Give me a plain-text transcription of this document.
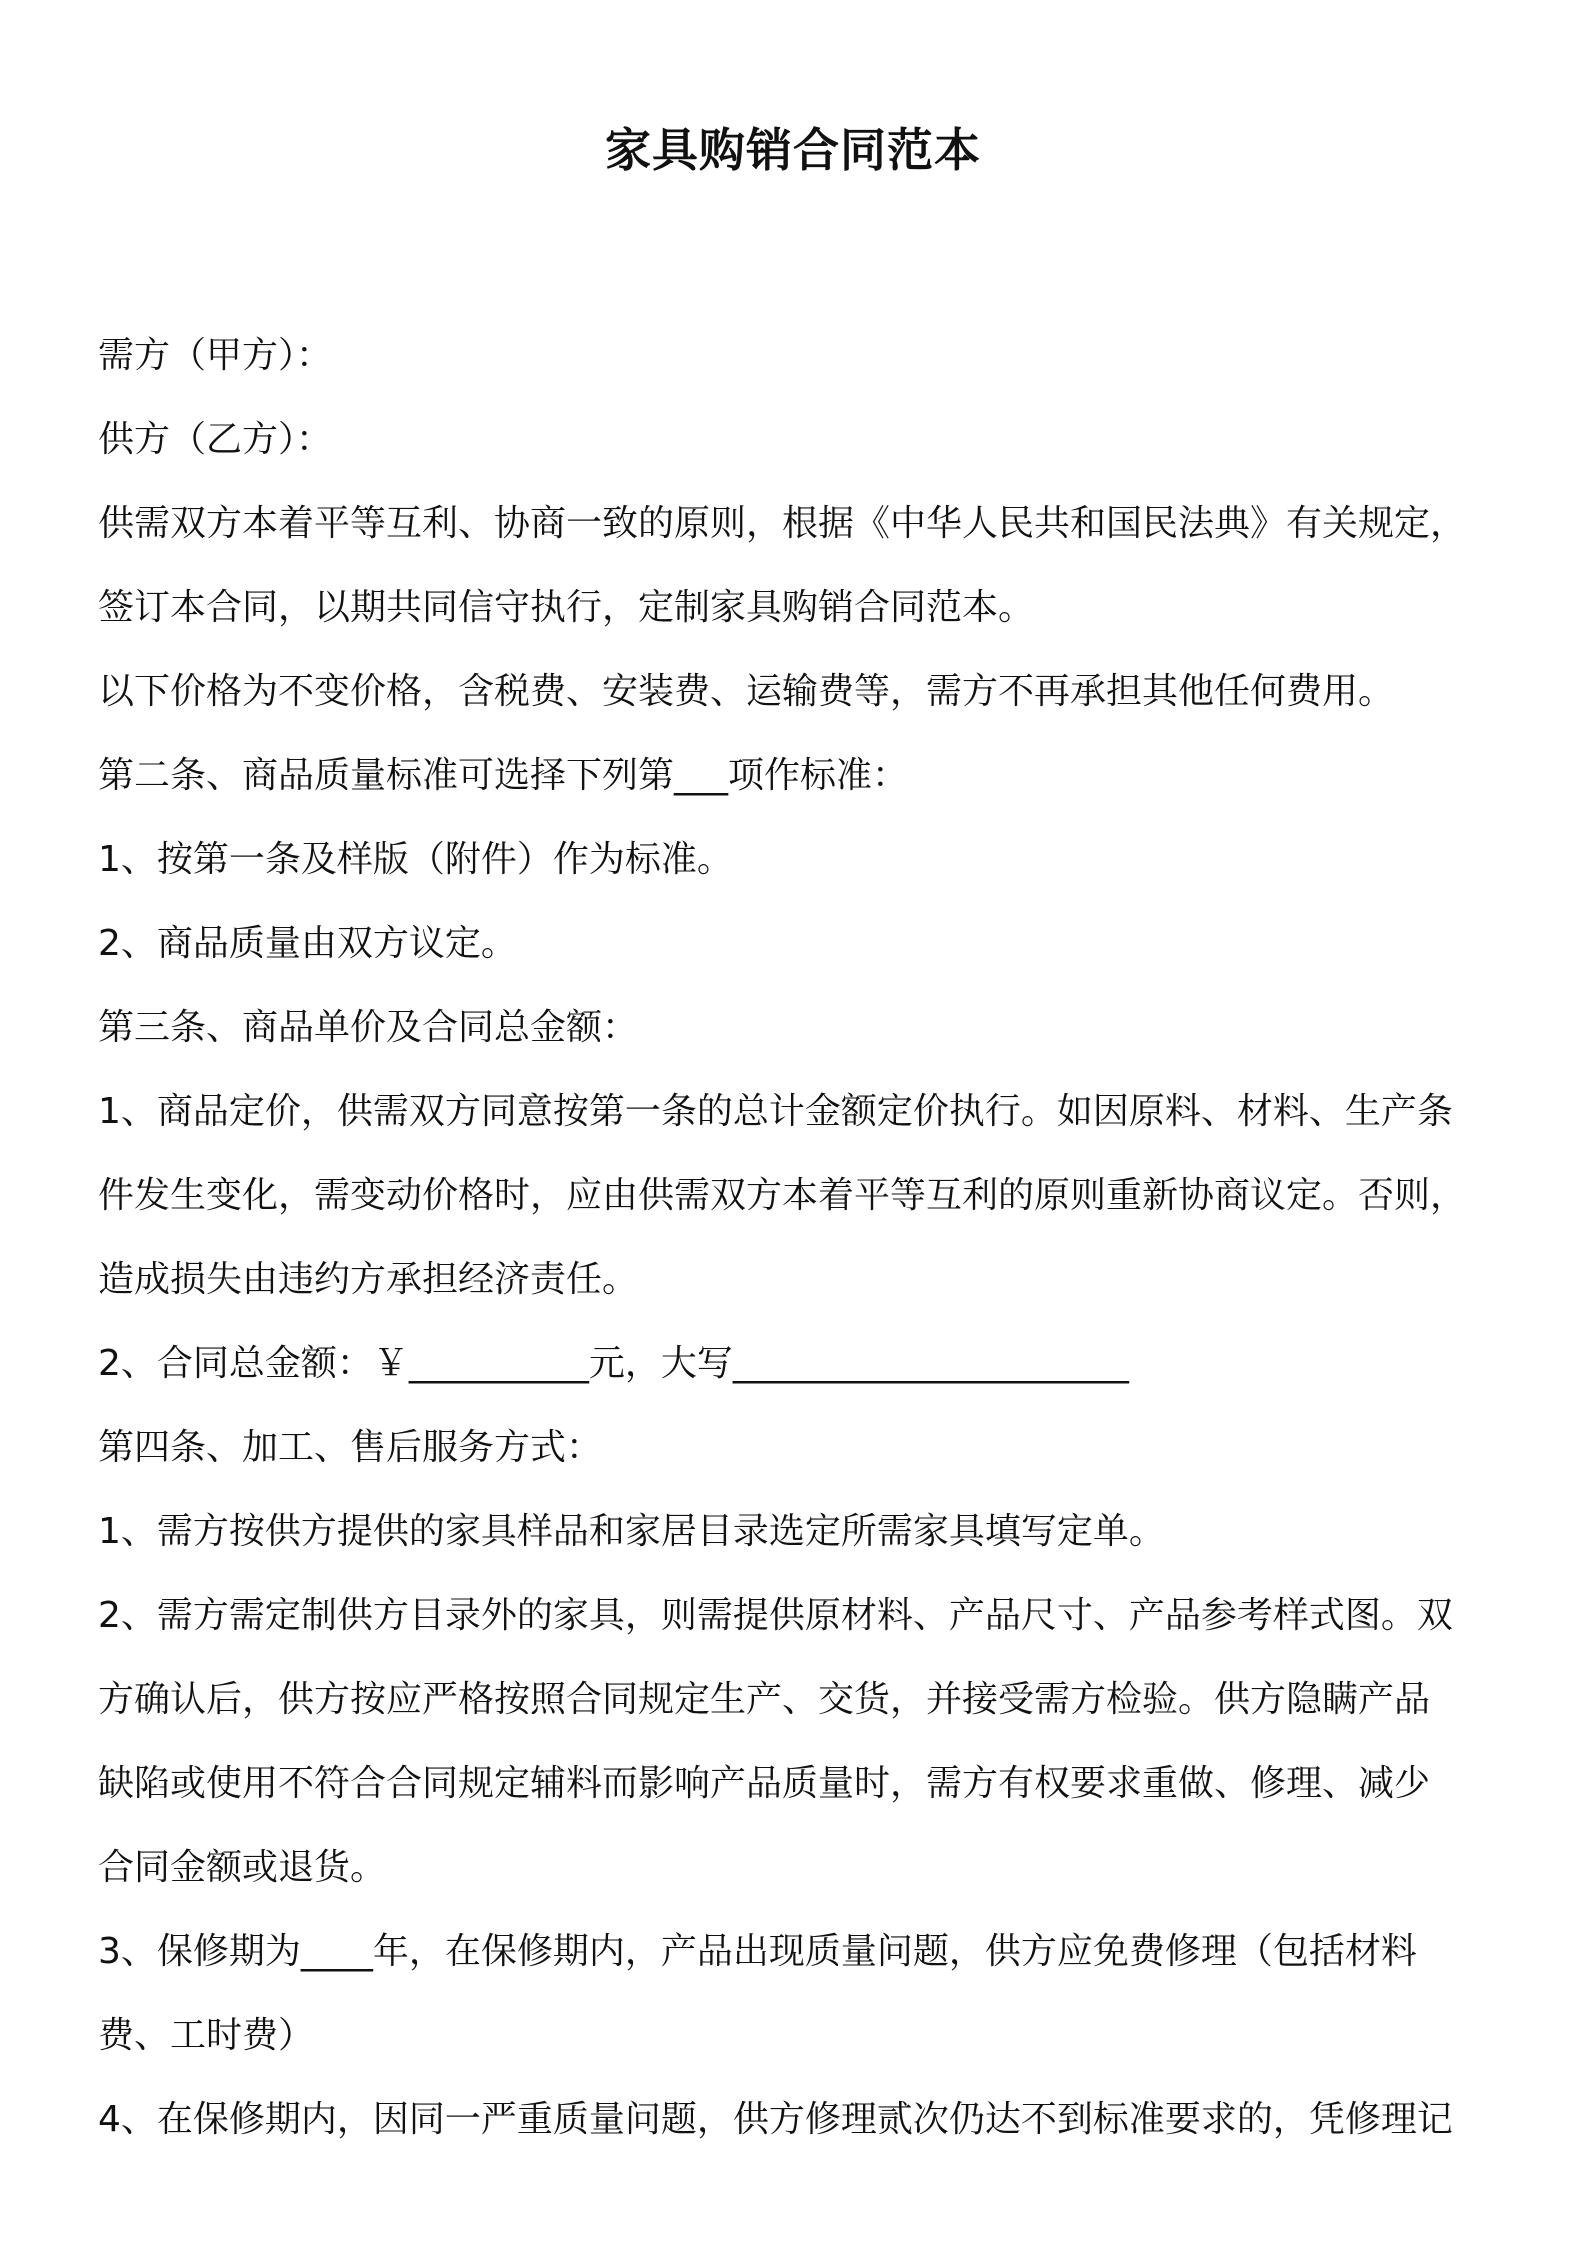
家具购销合同范本
需方（甲方）：
供方（乙方）：
供需双方本着平等互利、协商一致的原则，根据《中华人民共和国民法典》有关规定，
签订本合同，以期共同信守执行，定制家具购销合同范本。
以下价格为不变价格，含税费、安装费、运输费等，需方不再承担其他任何费用。
第二条、商品质量标准可选择下列第___项作标准：
1、按第一条及样版（附件）作为标准。
2、商品质量由双方议定。
第三条、商品单价及合同总金额：
1、商品定价，供需双方同意按第一条的总计金额定价执行。如因原料、材料、生产条
件发生变化，需变动价格时，应由供需双方本着平等互利的原则重新协商议定。否则，
造成损失由违约方承担经济责任。
2、合同总金额：￥__________元，大写______________________
第四条、加工、售后服务方式：
1、需方按供方提供的家具样品和家居目录选定所需家具填写定单。
2、需方需定制供方目录外的家具，则需提供原材料、产品尺寸、产品参考样式图。双
方确认后，供方按应严格按照合同规定生产、交货，并接受需方检验。供方隐瞒产品
缺陷或使用不符合合同规定辅料而影响产品质量时，需方有权要求重做、修理、减少
合同金额或退货。
3、保修期为____年，在保修期内，产品出现质量问题，供方应免费修理（包括材料
费、工时费）
4、在保修期内，因同一严重质量问题，供方修理贰次仍达不到标准要求的，凭修理记
